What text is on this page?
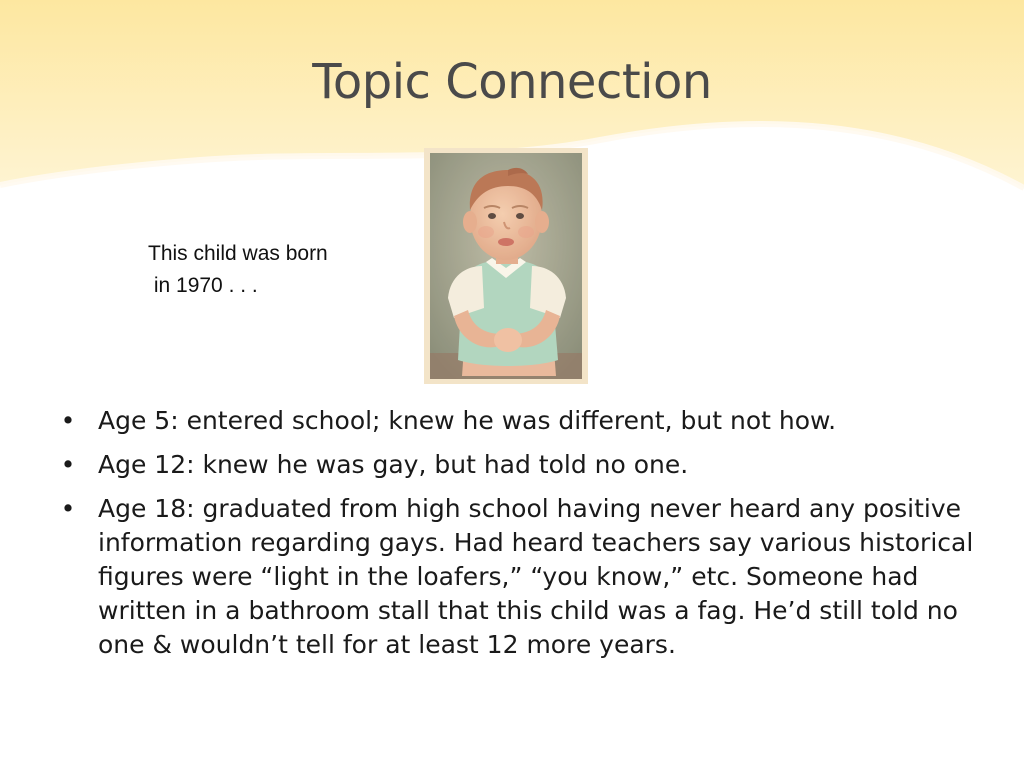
Topic Connection
This child was born
in 1970 . . .
• Age 5: entered school; knew he was different, but not how.
• Age 12: knew he was gay, but had told no one.
• Age 18: graduated from high school having never heard any positive information regarding gays. Had heard teachers say various historical figures were “light in the loafers,” “you know,” etc. Someone had written in a bathroom stall that this child was a fag. He’d still told no one & wouldn’t tell for at least 12 more years.
